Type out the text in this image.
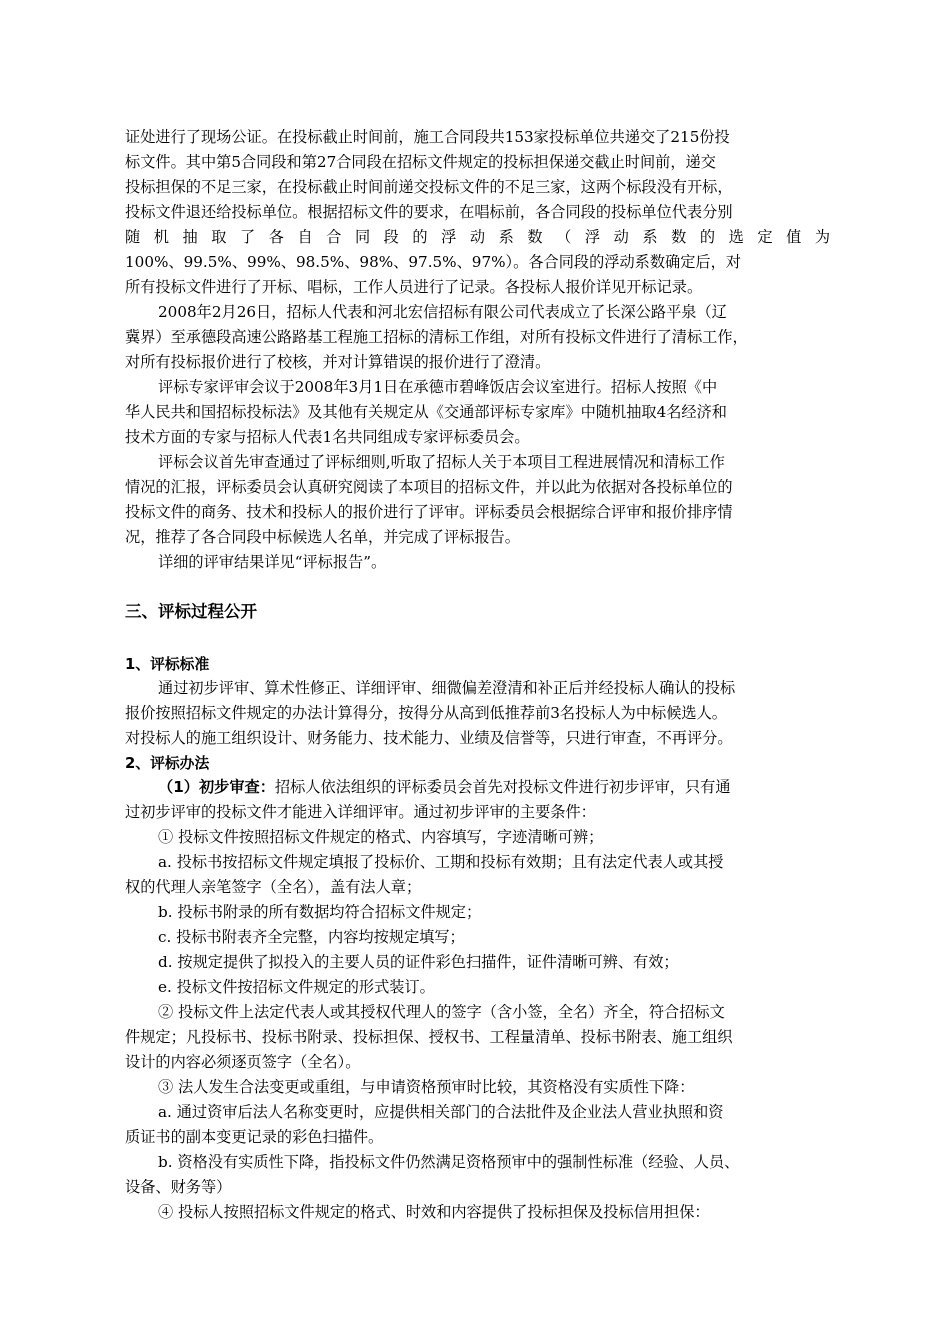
证处进行了现场公证。在投标截止时间前，施工合同段共153家投标单位共递交了215份投
标文件。其中第5合同段和第27合同段在招标文件规定的投标担保递交截止时间前，递交
投标担保的不足三家，在投标截止时间前递交投标文件的不足三家，这两个标段没有开标，
投标文件退还给投标单位。根据招标文件的要求，在唱标前，各合同段的投标单位代表分别
随机抽取了各自合同段的浮动系数（浮动系数的选定值为
100%、99.5%、99%、98.5%、98%、97.5%、97%）。各合同段的浮动系数确定后，对
所有投标文件进行了开标、唱标，工作人员进行了记录。各投标人报价详见开标记录。
2008年2月26日，招标人代表和河北宏信招标有限公司代表成立了长深公路平泉（辽
冀界）至承德段高速公路路基工程施工招标的清标工作组，对所有投标文件进行了清标工作，
对所有投标报价进行了校核，并对计算错误的报价进行了澄清。
评标专家评审会议于2008年3月1日在承德市碧峰饭店会议室进行。招标人按照《中
华人民共和国招标投标法》及其他有关规定从《交通部评标专家库》中随机抽取4名经济和
技术方面的专家与招标人代表1名共同组成专家评标委员会。
评标会议首先审查通过了评标细则,听取了招标人关于本项目工程进展情况和清标工作
情况的汇报，评标委员会认真研究阅读了本项目的招标文件，并以此为依据对各投标单位的
投标文件的商务、技术和投标人的报价进行了评审。评标委员会根据综合评审和报价排序情
况，推荐了各合同段中标候选人名单，并完成了评标报告。
详细的评审结果详见“评标报告”。
三、评标过程公开
1、评标标准
通过初步评审、算术性修正、详细评审、细微偏差澄清和补正后并经投标人确认的投标
报价按照招标文件规定的办法计算得分，按得分从高到低推荐前3名投标人为中标候选人。
对投标人的施工组织设计、财务能力、技术能力、业绩及信誉等，只进行审查，不再评分。
2、评标办法
（1）初步审查：招标人依法组织的评标委员会首先对投标文件进行初步评审，只有通
过初步评审的投标文件才能进入详细评审。通过初步评审的主要条件：
① 投标文件按照招标文件规定的格式、内容填写，字迹清晰可辨；
a. 投标书按招标文件规定填报了投标价、工期和投标有效期；且有法定代表人或其授
权的代理人亲笔签字（全名），盖有法人章；
b. 投标书附录的所有数据均符合招标文件规定；
c. 投标书附表齐全完整，内容均按规定填写；
d. 按规定提供了拟投入的主要人员的证件彩色扫描件，证件清晰可辨、有效；
e. 投标文件按招标文件规定的形式装订。
② 投标文件上法定代表人或其授权代理人的签字（含小签，全名）齐全，符合招标文
件规定；凡投标书、投标书附录、投标担保、授权书、工程量清单、投标书附表、施工组织
设计的内容必须逐页签字（全名）。
③ 法人发生合法变更或重组，与申请资格预审时比较，其资格没有实质性下降：
a. 通过资审后法人名称变更时，应提供相关部门的合法批件及企业法人营业执照和资
质证书的副本变更记录的彩色扫描件。
b. 资格没有实质性下降，指投标文件仍然满足资格预审中的强制性标准（经验、人员、
设备、财务等）
④ 投标人按照招标文件规定的格式、时效和内容提供了投标担保及投标信用担保：
